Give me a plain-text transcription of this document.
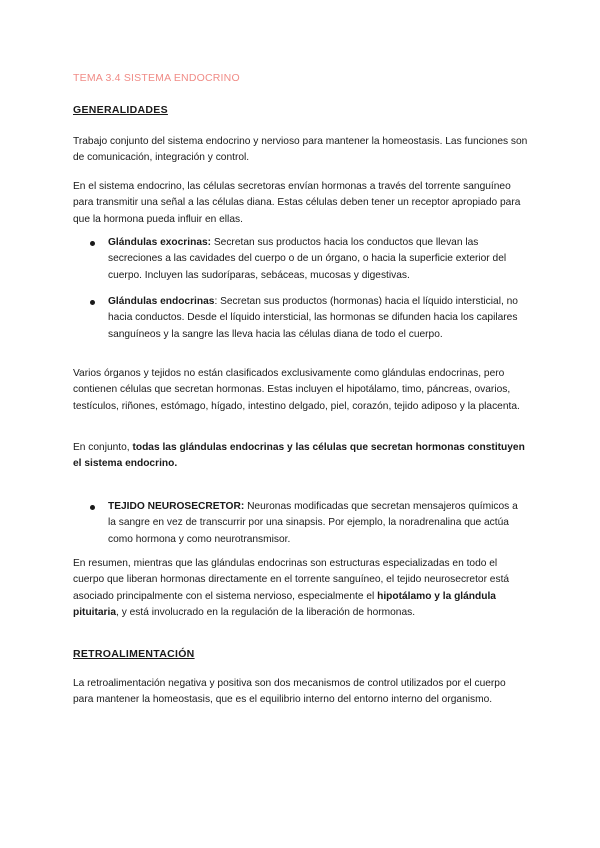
TEMA 3.4 SISTEMA ENDOCRINO
GENERALIDADES

Trabajo conjunto del sistema endocrino y nervioso para mantener la homeostasis. Las funciones son de comunicación, integración y control.

En el sistema endocrino, las células secretoras envían hormonas a través del torrente sanguíneo para transmitir una señal a las células diana. Estas células deben tener un receptor apropiado para que la hormona pueda influir en ellas.

Glándulas exocrinas: Secretan sus productos hacia los conductos que llevan las secreciones a las cavidades del cuerpo o de un órgano, o hacia la superficie exterior del cuerpo. Incluyen las sudoríparas, sebáceas, mucosas y digestivas.

Glándulas endocrinas: Secretan sus productos (hormonas) hacia el líquido intersticial, no hacia conductos. Desde el líquido intersticial, las hormonas se difunden hacia los capilares sanguíneos y la sangre las lleva hacia las células diana de todo el cuerpo.

Varios órganos y tejidos no están clasificados exclusivamente como glándulas endocrinas, pero contienen células que secretan hormonas. Estas incluyen el hipotálamo, timo, páncreas, ovarios, testículos, riñones, estómago, hígado, intestino delgado, piel, corazón, tejido adiposo y la placenta.

En conjunto, todas las glándulas endocrinas y las células que secretan hormonas constituyen el sistema endocrino.

TEJIDO NEUROSECRETOR: Neuronas modificadas que secretan mensajeros químicos a la sangre en vez de transcurrir por una sinapsis. Por ejemplo, la noradrenalina que actúa como hormona y como neurotransmisor.

En resumen, mientras que las glándulas endocrinas son estructuras especializadas en todo el cuerpo que liberan hormonas directamente en el torrente sanguíneo, el tejido neurosecretor está asociado principalmente con el sistema nervioso, especialmente el hipotálamo y la glándula pituitaria, y está involucrado en la regulación de la liberación de hormonas.

RETROALIMENTACIÓN

La retroalimentación negativa y positiva son dos mecanismos de control utilizados por el cuerpo para mantener la homeostasis, que es el equilibrio interno del entorno interno del organismo.
